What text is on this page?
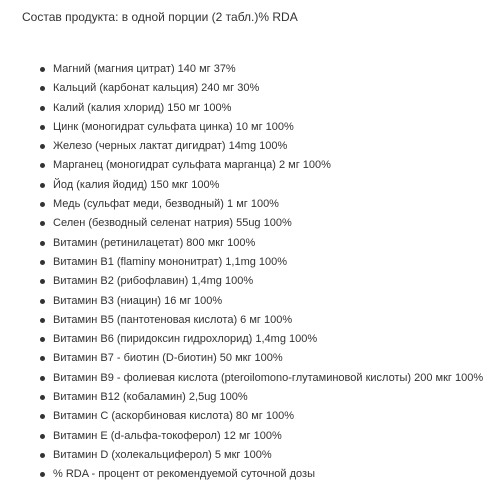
Состав продукта: в одной порции (2 табл.)% RDA
Магний (магния цитрат) 140 мг 37%
Кальций (карбонат кальция) 240 мг 30%
Калий (калия хлорид) 150 мг 100%
Цинк (моногидрат сульфата цинка) 10 мг 100%
Железо (черных лактат дигидрат) 14mg 100%
Марганец (моногидрат сульфата марганца) 2 мг 100%
Йод (калия йодид) 150 мкг 100%
Медь (сульфат меди, безводный) 1 мг 100%
Селен (безводный селенат натрия) 55ug 100%
Витамин (ретинилацетат) 800 мкг 100%
Витамин В1 (flaminy мононитрат) 1,1mg 100%
Витамин В2 (рибофлавин) 1,4mg 100%
Витамин В3 (ниацин) 16 мг 100%
Витамин В5 (пантотеновая кислота) 6 мг 100%
Витамин В6 (пиридоксин гидрохлорид) 1,4mg 100%
Витамин В7 - биотин (D-биотин) 50 мкг 100%
Витамин В9 - фолиевая кислота (pteroilomono-глутаминовой кислоты) 200 мкг 100%
Витамин В12 (кобаламин) 2,5ug 100%
Витамин С (аскорбиновая кислота) 80 мг 100%
Витамин Е (d-альфа-токоферол) 12 мг 100%
Витамин D (холекальциферол) 5 мкг 100%
% RDA - процент от рекомендуемой суточной дозы
